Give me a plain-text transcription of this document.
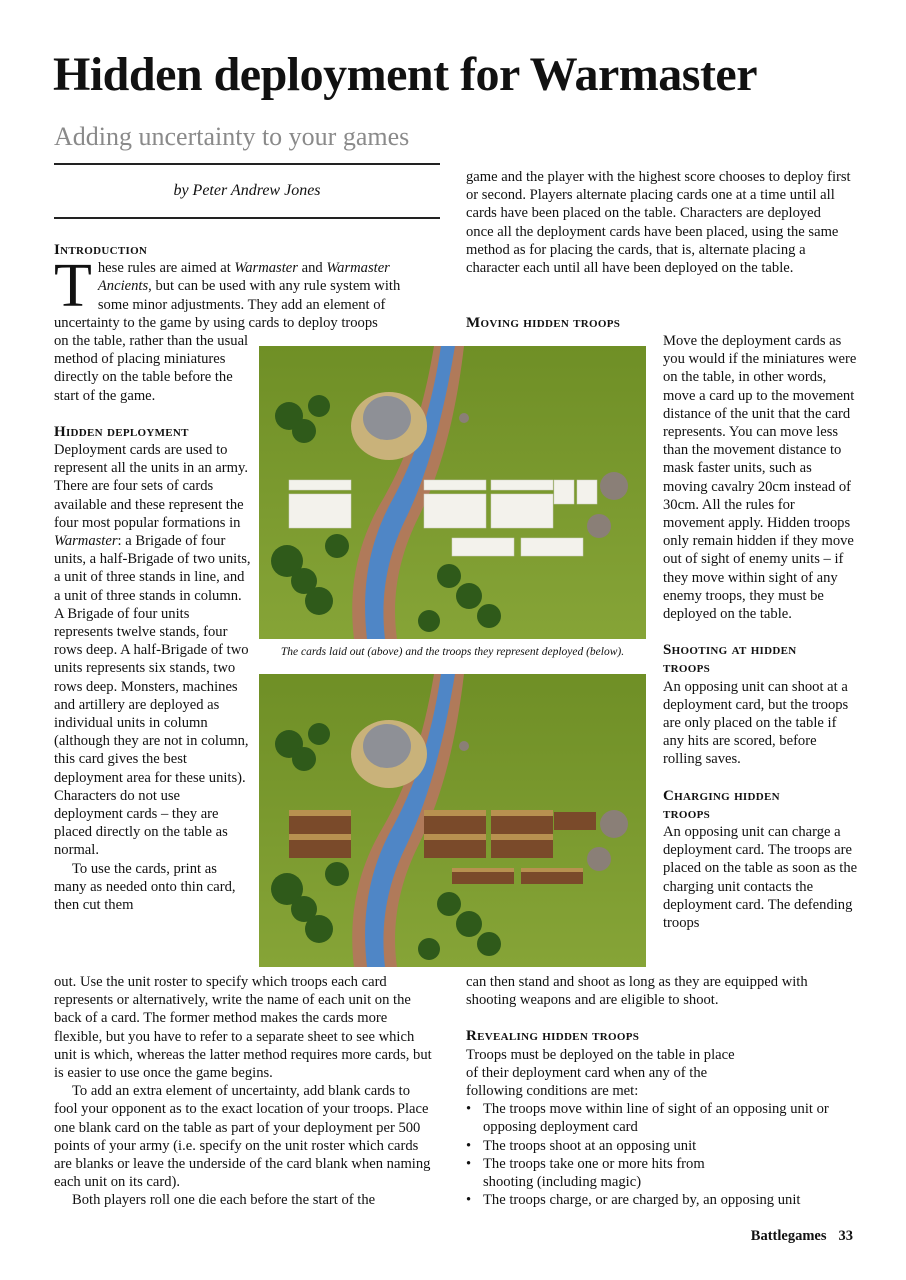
Hidden deployment for Warmaster
Adding uncertainty to your games
by Peter Andrew Jones
Introduction

These rules are aimed at Warmaster and Warmaster Ancients, but can be used with any rule system with some minor adjustments. They add an element of uncertainty to the game by using cards to deploy troops

on the table, rather than the usual method of placing miniatures directly on the table before the start of the game.

Hidden deployment

Deployment cards are used to represent all the units in an army. There are four sets of cards available and these represent the four most popular formations in Warmaster: a Brigade of four units, a half-Brigade of two units, a unit of three stands in line, and a unit of three stands in column. A Brigade of four units represents twelve stands, four rows deep. A half-Brigade of two units represents six stands, two rows deep. Monsters, machines and artillery are deployed as individual units in column (although they are not in column, this card gives the best deployment area for these units). Characters do not use deployment cards – they are placed directly on the table as normal.

To use the cards, print as many as needed onto thin card, then cut them

out. Use the unit roster to specify which troops each card represents or alternatively, write the name of each unit on the back of a card. The former method makes the cards more flexible, but you have to refer to a separate sheet to see which unit is which, whereas the latter method requires more cards, but is easier to use once the game begins.

To add an extra element of uncertainty, add blank cards to fool your opponent as to the exact location of your troops. Place one blank card on the table as part of your deployment per 500 points of your army (i.e. specify on the unit roster which cards are blanks or leave the underside of the card blank when naming each unit on its card).

Both players roll one die each before the start of the

game and the player with the highest score chooses to deploy first or second. Players alternate placing cards one at a time until all cards have been placed on the table. Characters are deployed once all the deployment cards have been placed, using the same method as for placing the cards, that is, alternate placing a character each until all have been deployed on the table.

Moving hidden troops

Move the deployment cards as you would if the miniatures were on the table, in other words, move a card up to the movement distance of the unit that the card represents. You can move less than the movement distance to mask faster units, such as moving cavalry 20cm instead of 30cm. All the rules for movement apply. Hidden troops only remain hidden if they move out of sight of enemy units – if they move within sight of any enemy troops, they must be deployed on the table.

Shooting at hidden
troops

An opposing unit can shoot at a deployment card, but the troops are only placed on the table if any hits are scored, before rolling saves.

Charging hidden
troops

An opposing unit can charge a deployment card. The troops are placed on the table as soon as the charging unit contacts the deployment card. The defending troops

can then stand and shoot as long as they are equipped with shooting weapons and are eligible to shoot.

Revealing hidden troops

Troops must be deployed on the table in place of their deployment card when any of the following conditions are met:

• The troops move within line of sight of an opposing unit or opposing deployment card

• The troops shoot at an opposing unit

• The troops take one or more hits from shooting (including magic)

• The troops charge, or are charged by, an opposing unit

The cards laid out (above) and the troops they represent deployed (below).
Battlegames 33
